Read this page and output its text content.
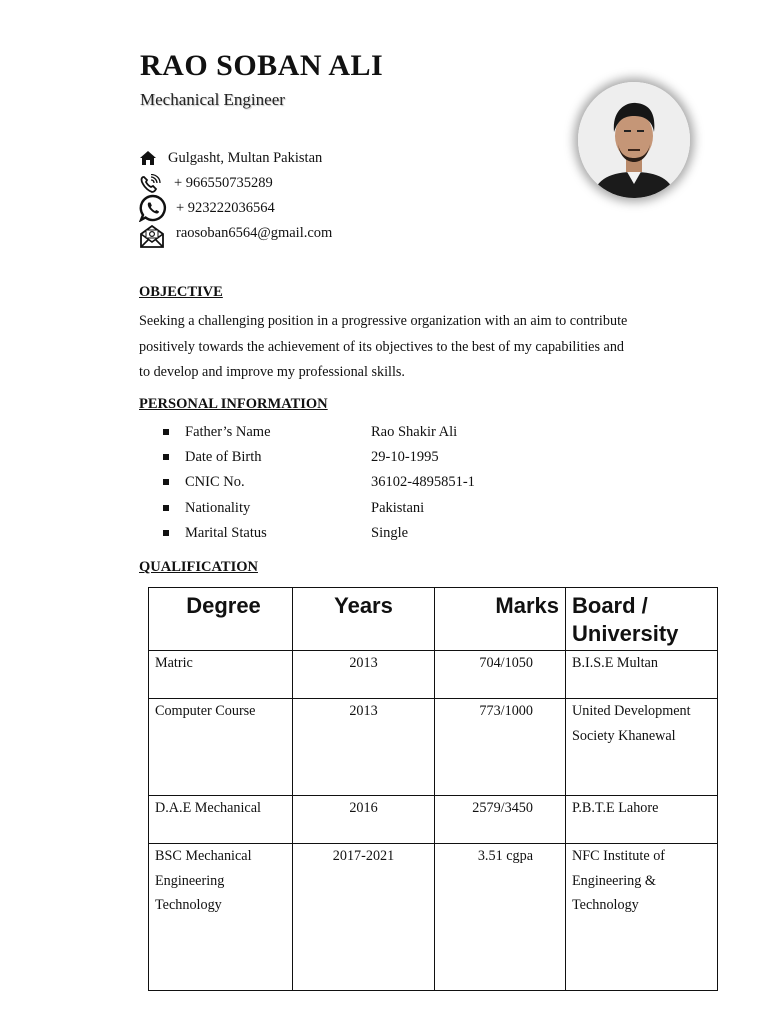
RAO SOBAN ALI
Mechanical Engineer
Gulgasht, Multan Pakistan
+ 966550735289
+ 923222036564
raosoban6564@gmail.com
OBJECTIVE

Seeking a challenging position in a progressive organization with an aim to contribute

positively towards the achievement of its objectives to the best of my capabilities and

to develop and improve my professional skills.

PERSONAL INFORMATION
Father’s Name	Rao Shakir Ali
Date of Birth	29-10-1995
CNIC No.	36102-4895851-1
Nationality	Pakistani
Marital Status	Single
QUALIFICATION
Degree	Years	Marks	Board / University
Matric	2013	704/1050	B.I.S.E Multan
Computer Course	2013	773/1000	United Development Society Khanewal
D.A.E Mechanical	2016	2579/3450	P.B.T.E Lahore
BSC Mechanical Engineering Technology	2017-2021	3.51 cgpa	NFC Institute of Engineering & Technology
